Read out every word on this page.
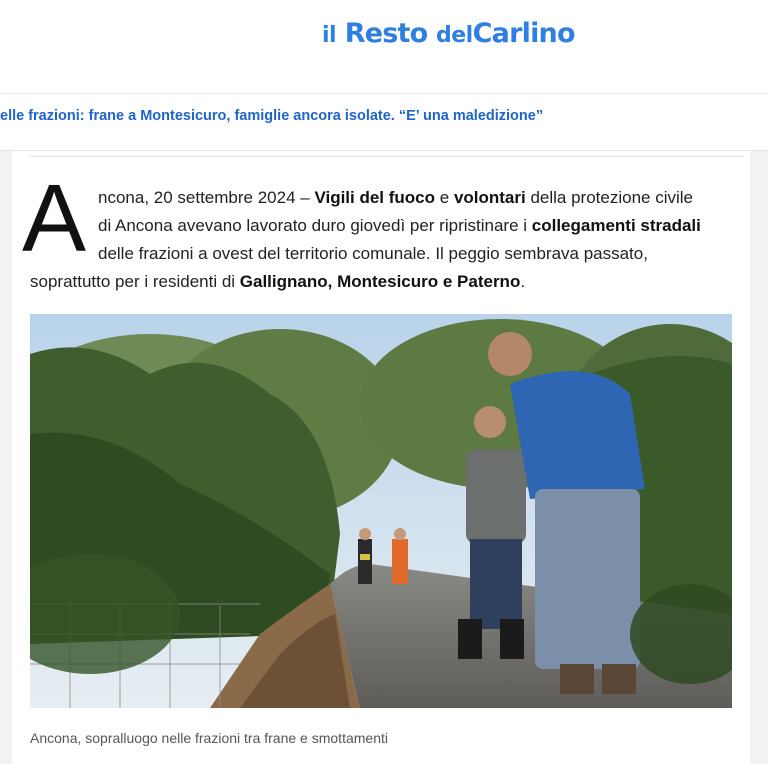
il Resto delCarlino
elle frazioni: frane a Montesicuro, famiglie ancora isolate. “E’ una maledizione”
A ncona, 20 settembre 2024 – Vigili del fuoco e volontari della protezione civile
di Ancona avevano lavorato duro giovedì per ripristinare i collegamenti stradali
delle frazioni a ovest del territorio comunale. Il peggio sembrava passato,
soprattutto per i residenti di Gallignano, Montesicuro e Paterno.
Ancona, sopralluogo nelle frazioni tra frane e smottamenti
